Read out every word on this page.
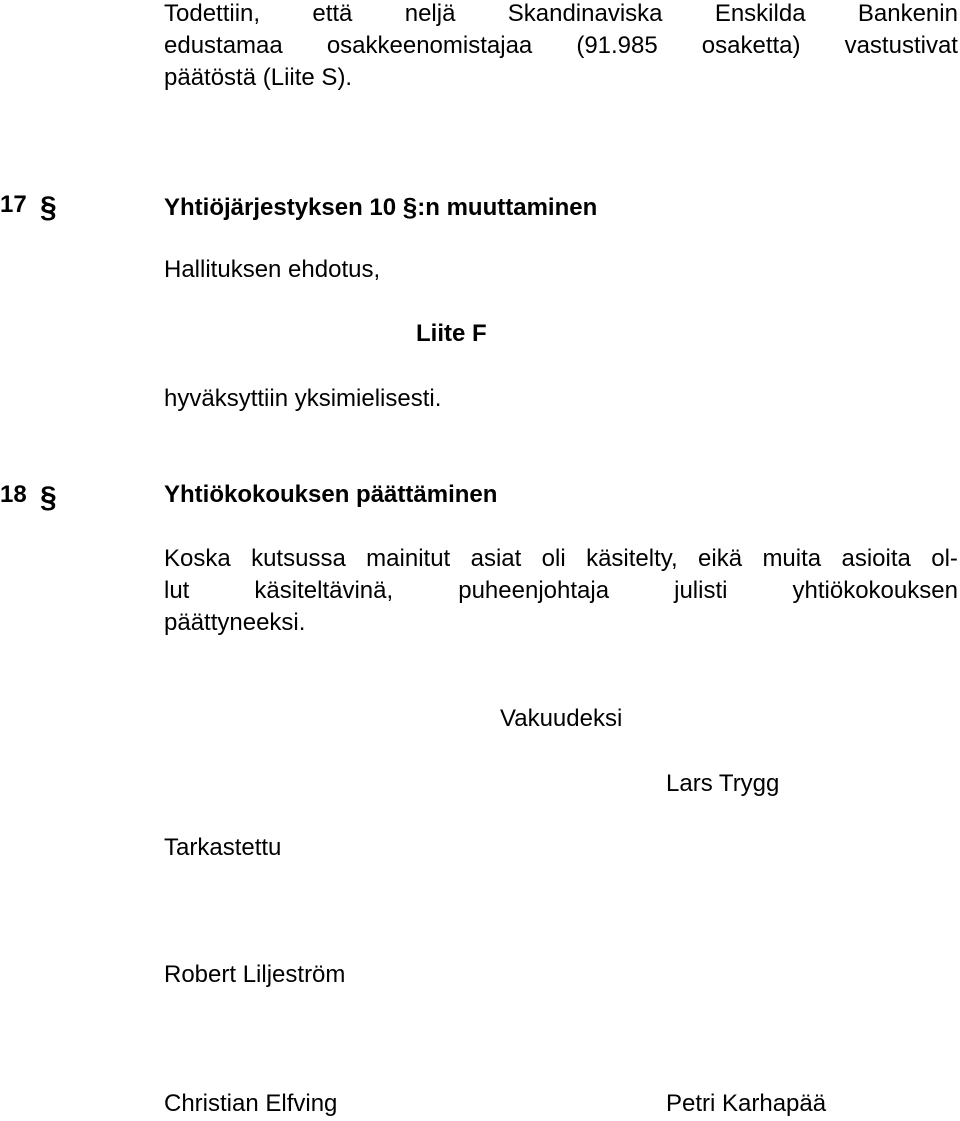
Todettiin, että neljä Skandinaviska Enskilda Bankenin
edustamaa osakkeenomistajaa (91.985 osaketta) vastustivat
päätöstä (Liite S).
17 §	Yhtiöjärjestyksen 10 §:n muuttaminen
Hallituksen ehdotus,
Liite F
hyväksyttiin yksimielisesti.
18 §	Yhtiökokouksen päättäminen
Koska kutsussa mainitut asiat oli käsitelty, eikä muita asioita ol-
lut	käsiteltävinä,	puheenjohtaja	julisti	yhtiökokouksen
päättyneeksi.
Vakuudeksi
Lars Trygg
Tarkastettu
Robert Liljeström
Christian Elfving	Petri Karhapää
